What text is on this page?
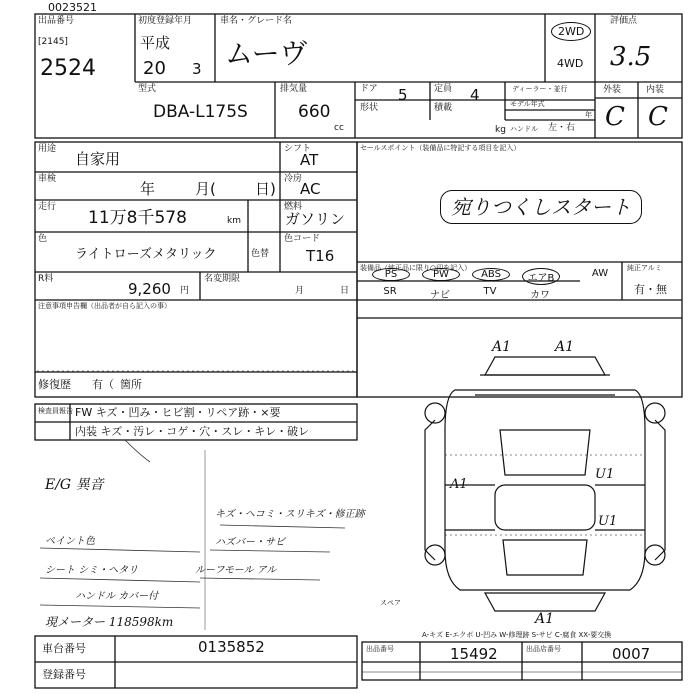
0023521
出品番号
[2145]
2524
初度登録年月
平成
20 3
車名・グレード名
ムーヴ
2WD
4WD
評価点
3.5
外装	内装
C C
型式
DBA-L175S
排気量
660
cc
ドア 5	定員 4	ディーラー・並行
形状	積載
kg
モデル年式
年
ハンドル 左・右
用途
自家用
シフト
AT
車検
年	月(	日)
冷房
AC
走行
11万8千578	km
燃料
ガソリン
色
ライトローズメタリック	色替
色コード
T16
R料
9,260 円
名変期限
月	日
注意事項申告欄（出品者が自ら記入の事）
修復歴 有（ 箇所
セールスポイント（装備品に特記する項目を記入）
宛りつくしスタート
装備品（純正品に限り○印を記入）	純正アルミ
PS	PW	ABS	エアB	AW
SR	ナビ	TV	カワ	有・無
検査員報告 FW キズ・凹み・ヒビ割・リペア跡・×要
内装 キズ・汚レ・コゲ・穴・スレ・キレ・破レ
E/G 異音
キズ・ヘコミ・スリキズ・修正跡
ペイント色	ハズバー・サビ
シート シミ・ヘタリ	ルーフモール アル
ハンドル カバー付
現メーター 118598km
A1	A1
U1
U1
A1
A1
スペア
A-キズ E-エクボ U-凹み W-修理跡 S-サビ C-腐食 XX-要交換
車台番号	0135852
登録番号
出品番号	15492	出品店番号	0007
